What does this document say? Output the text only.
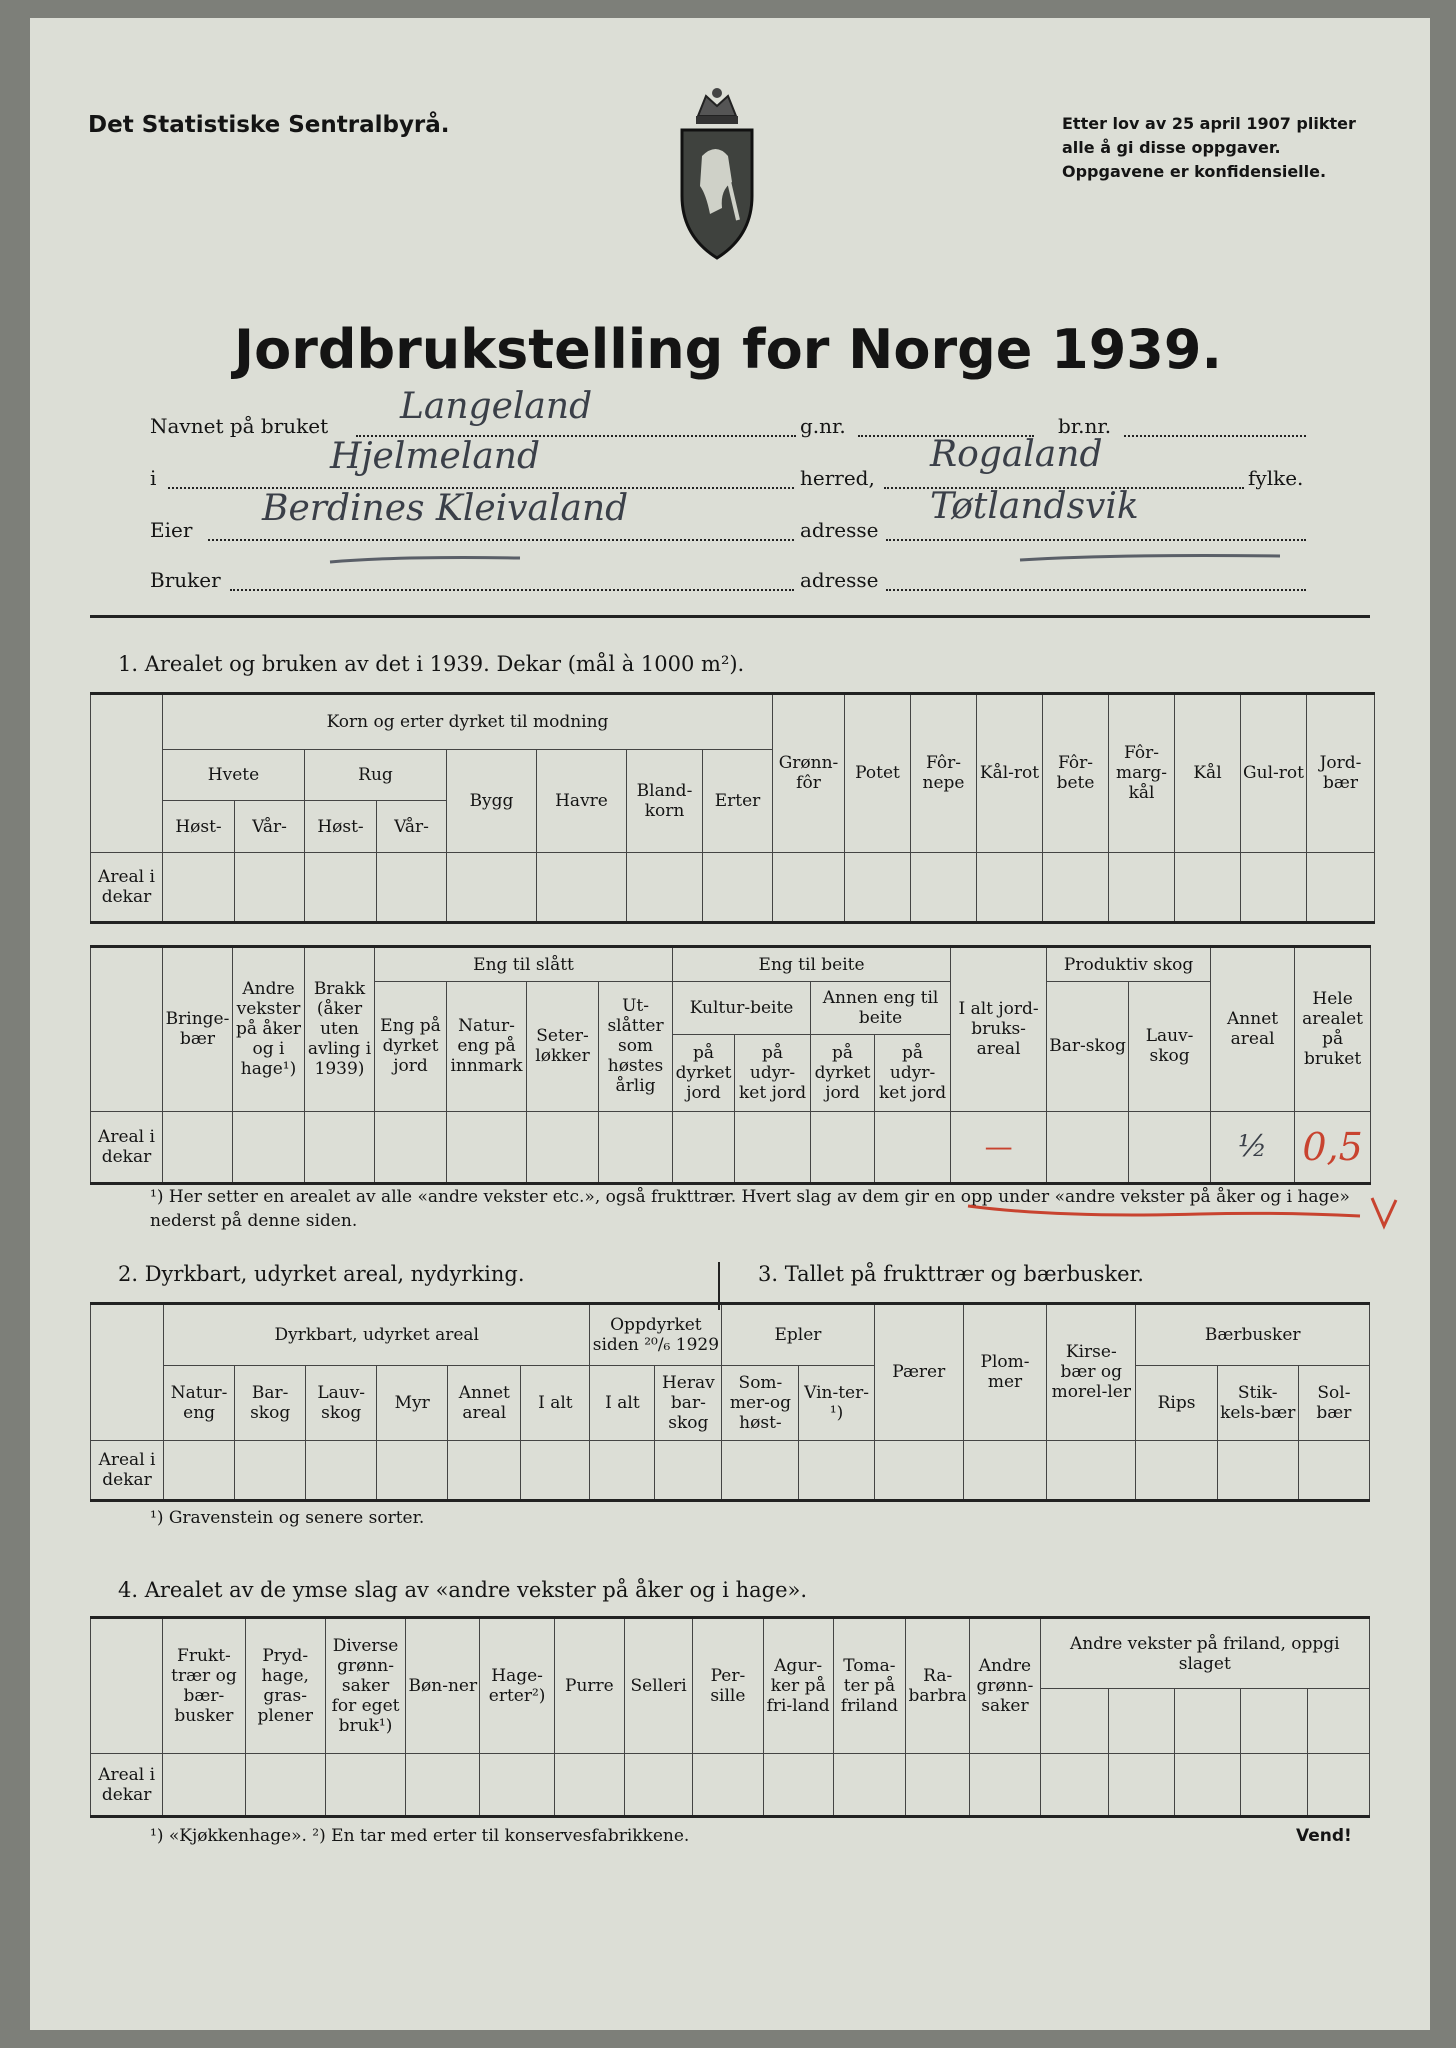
Det Statistiske Sentralbyrå.	Etter lov av 25 april 1907 plikter
alle å gi disse oppgaver.
Oppgavene er konfidensielle.
Jordbrukstelling for Norge 1939.
Navnet på bruket Langeland	g.nr.	br.nr.
i
Hjelmeland
herred,
Rogaland
fylke.
Eier
Berdines Kleivaland
adresse
Tøtlandsvik
Bruker	adresse
1. Arealet og bruken av det i 1939. Dekar (mål à 1000 m²).
	Korn og erter dyrket til modning								Grønn-fôr	Potet	Fôr-nepe	Kål-rot	Fôr-bete	Fôr-marg-kål	Kål	Gul-rot	Jord-bær
	Hvete		Rug		Bygg	Havre	Bland-korn	Erter									
	Høst-	Vår-	Høst-	Vår-													
Areal i dekar																	
	Bringe-bær	Andre vekster på åker og i hage¹)	Brakk (åker uten avling i 1939)	Eng til slått				Eng til beite				I alt jord-bruks-areal	Produktiv skog		Annet areal	Hele arealet på bruket
				Eng på dyrket jord	Natur-eng på innmark	Seter-løkker	Ut-slåtter som høstes årlig	Kultur-beite		Annen eng til beite			Bar-skog	Lauv-skog		
								på dyrket jord	på udyr-ket jord	på dyrket jord	på udyr-ket jord					
Areal i dekar												—			½	0,5
¹) Her setter en arealet av alle «andre vekster etc.», også frukttrær. Hvert slag av dem gir en opp under «andre vekster på åker og i hage» nederst på denne siden.
2. Dyrkbart, udyrket areal, nydyrking.	3. Tallet på frukttrær og bærbusker.
	Dyrkbart, udyrket areal						Oppdyrket siden ²⁰/₆ 1929		Epler		Pærer	Plom-mer	Kirse-bær og morel-ler	Bærbusker		
	Natur-eng	Bar-skog	Lauv-skog	Myr	Annet areal	I alt	I alt	Herav bar-skog	Som-mer-og høst-	Vin-ter-¹)				Rips	Stik-kels-bær	Sol-bær
Areal i dekar																
¹) Gravenstein og senere sorter.
4. Arealet av de ymse slag av «andre vekster på åker og i hage».
	Frukt-trær og bær-busker	Pryd-hage, gras-plener	Diverse grønn-saker for eget bruk¹)	Bøn-ner	Hage-erter²)	Purre	Selleri	Per-sille	Agur-ker på fri-land	Toma-ter på friland	Ra-barbra	Andre grønn-saker	Andre vekster på friland, oppgi slaget				

Areal i dekar																	
¹) «Kjøkkenhage». ²) En tar med erter til konservesfabrikkene.	Vend!
